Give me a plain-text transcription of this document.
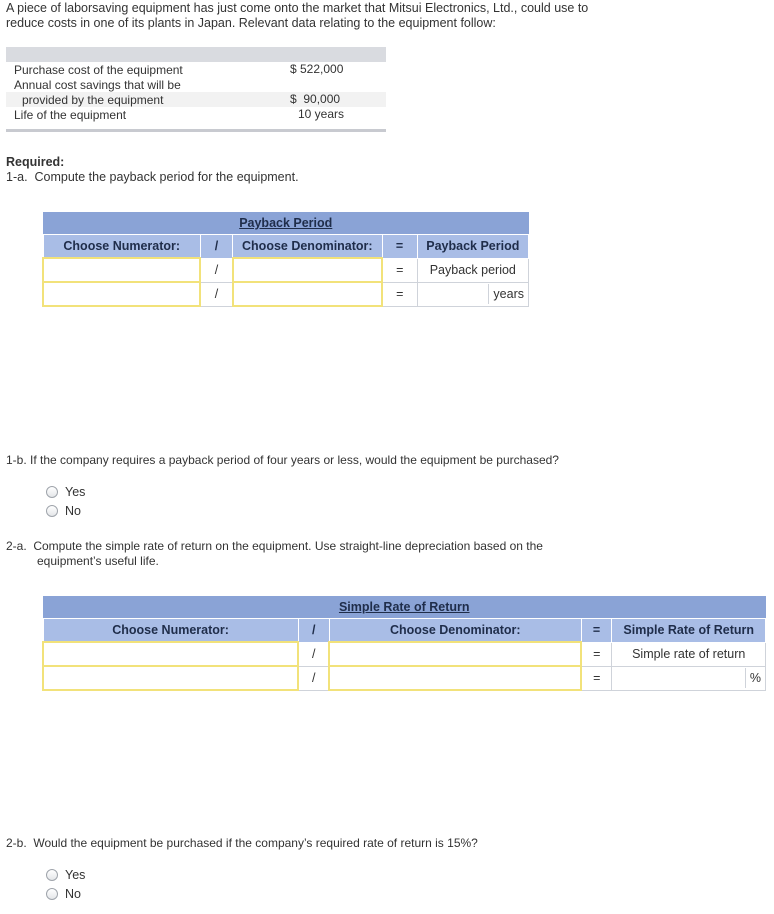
A piece of laborsaving equipment has just come onto the market that Mitsui Electronics, Ltd., could use to
reduce costs in one of its plants in Japan. Relevant data relating to the equipment follow:
Purchase cost of the equipment	$ 522,000
Annual cost savings that will be
provided by the equipment	$  90,000
Life of the equipment	10 years
Required:
1-a.  Compute the payback period for the equipment.
Payback Period				
Choose Numerator:	/	Choose Denominator:	=	Payback Period
	/		=	Payback period
	/		=	years
1-b. If the company requires a payback period of four years or less, would the equipment be purchased?
Yes
No
2-a.  Compute the simple rate of return on the equipment. Use straight-line depreciation based on the
equipment’s useful life.
Simple Rate of Return				
Choose Numerator:	/	Choose Denominator:	=	Simple Rate of Return
	/		=	Simple rate of return
	/		=	%
2-b.  Would the equipment be purchased if the company’s required rate of return is 15%?
Yes
No
